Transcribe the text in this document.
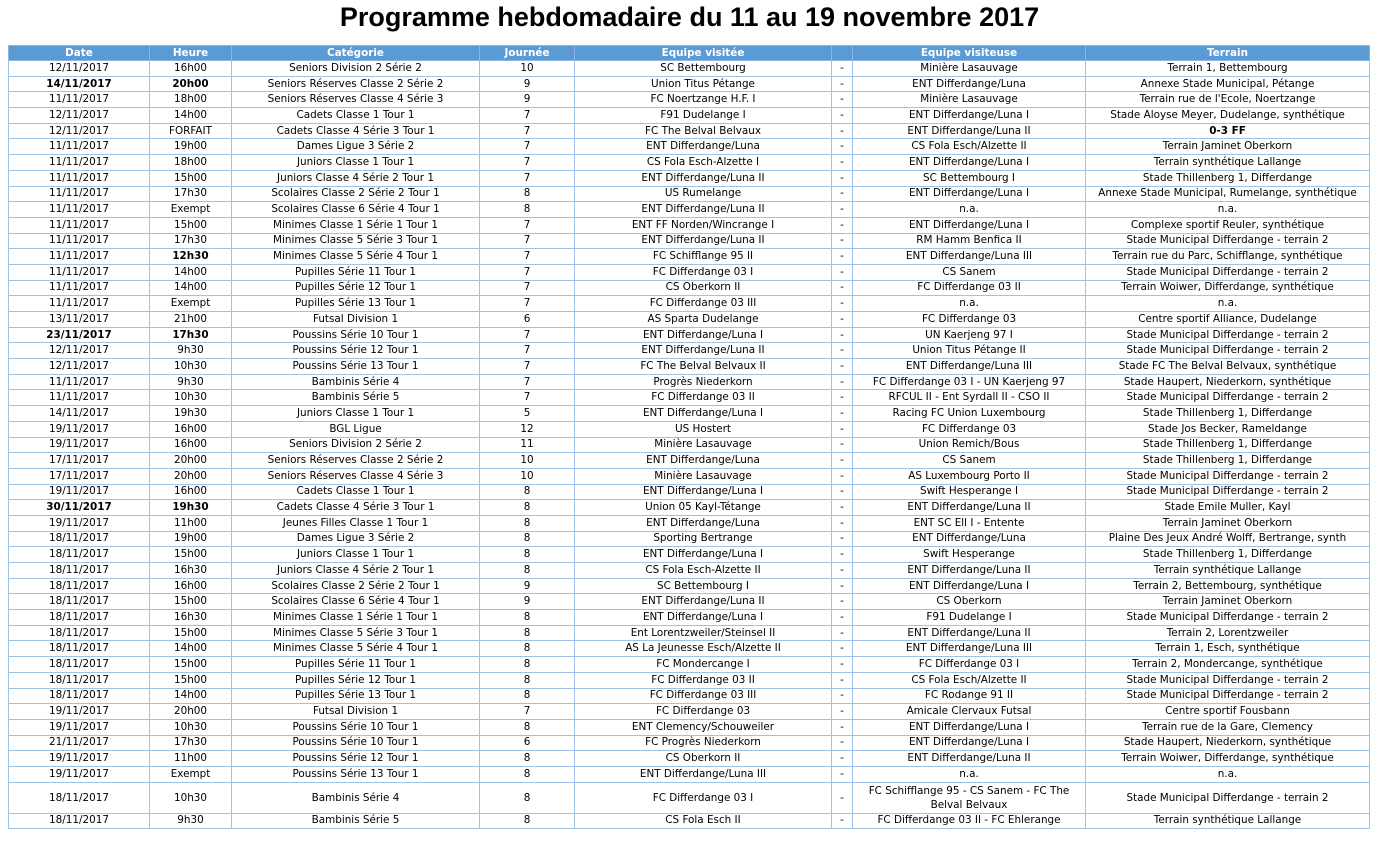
Programme hebdomadaire du 11 au 19 novembre 2017
Date	Heure	Catégorie	Journée	Equipe visitée		Equipe visiteuse	Terrain
12/11/2017	16h00	Seniors Division 2 Série 2	10	SC Bettembourg	-	Minière Lasauvage	Terrain 1, Bettembourg
14/11/2017	20h00	Seniors Réserves Classe 2 Série 2	9	Union Titus Pétange	-	ENT Differdange/Luna	Annexe Stade Municipal, Pétange
11/11/2017	18h00	Seniors Réserves Classe 4 Série 3	9	FC Noertzange H.F. I	-	Minière Lasauvage	Terrain rue de l'Ecole, Noertzange
12/11/2017	14h00	Cadets Classe 1 Tour 1	7	F91 Dudelange I	-	ENT Differdange/Luna I	Stade Aloyse Meyer, Dudelange, synthétique
12/11/2017	FORFAIT	Cadets Classe 4 Série 3 Tour 1	7	FC The Belval Belvaux	-	ENT Differdange/Luna II	0-3 FF
11/11/2017	19h00	Dames Ligue 3 Série 2	7	ENT Differdange/Luna	-	CS Fola Esch/Alzette II	Terrain Jaminet Oberkorn
11/11/2017	18h00	Juniors Classe 1 Tour 1	7	CS Fola Esch-Alzette I	-	ENT Differdange/Luna I	Terrain synthétique Lallange
11/11/2017	15h00	Juniors Classe 4 Série 2 Tour 1	7	ENT Differdange/Luna II	-	SC Bettembourg I	Stade Thillenberg 1, Differdange
11/11/2017	17h30	Scolaires Classe 2 Série 2 Tour 1	8	US Rumelange	-	ENT Differdange/Luna I	Annexe Stade Municipal, Rumelange, synthétique
11/11/2017	Exempt	Scolaires Classe 6 Série 4 Tour 1	8	ENT Differdange/Luna II	-	n.a.	n.a.
11/11/2017	15h00	Minimes Classe 1 Série 1 Tour 1	7	ENT FF Norden/Wincrange I	-	ENT Differdange/Luna I	Complexe sportif Reuler, synthétique
11/11/2017	17h30	Minimes Classe 5 Série 3 Tour 1	7	ENT Differdange/Luna II	-	RM Hamm Benfica II	Stade Municipal Differdange - terrain 2
11/11/2017	12h30	Minimes Classe 5 Série 4 Tour 1	7	FC Schifflange 95 II	-	ENT Differdange/Luna III	Terrain rue du Parc, Schifflange, synthétique
11/11/2017	14h00	Pupilles Série 11 Tour 1	7	FC Differdange 03 I	-	CS Sanem	Stade Municipal Differdange - terrain 2
11/11/2017	14h00	Pupilles Série 12 Tour 1	7	CS Oberkorn II	-	FC Differdange 03 II	Terrain Woiwer, Differdange, synthétique
11/11/2017	Exempt	Pupilles Série 13 Tour 1	7	FC Differdange 03 III	-	n.a.	n.a.
13/11/2017	21h00	Futsal Division 1	6	AS Sparta Dudelange	-	FC Differdange 03	Centre sportif Alliance, Dudelange
23/11/2017	17h30	Poussins Série 10 Tour 1	7	ENT Differdange/Luna I	-	UN Kaerjeng 97 I	Stade Municipal Differdange - terrain 2
12/11/2017	9h30	Poussins Série 12 Tour 1	7	ENT Differdange/Luna II	-	Union Titus Pétange II	Stade Municipal Differdange - terrain 2
12/11/2017	10h30	Poussins Série 13 Tour 1	7	FC The Belval Belvaux II	-	ENT Differdange/Luna III	Stade FC The Belval Belvaux, synthétique
11/11/2017	9h30	Bambinis Série 4	7	Progrès Niederkorn	-	FC Differdange 03 I - UN Kaerjeng 97	Stade Haupert, Niederkorn, synthétique
11/11/2017	10h30	Bambinis Série 5	7	FC Differdange 03 II	-	RFCUL II - Ent Syrdall II - CSO II	Stade Municipal Differdange - terrain 2
14/11/2017	19h30	Juniors Classe 1 Tour 1	5	ENT Differdange/Luna I	-	Racing FC Union Luxembourg	Stade Thillenberg 1, Differdange
19/11/2017	16h00	BGL Ligue	12	US Hostert	-	FC Differdange 03	Stade Jos Becker, Rameldange
19/11/2017	16h00	Seniors Division 2 Série 2	11	Minière Lasauvage	-	Union Remich/Bous	Stade Thillenberg 1, Differdange
17/11/2017	20h00	Seniors Réserves Classe 2 Série 2	10	ENT Differdange/Luna	-	CS Sanem	Stade Thillenberg 1, Differdange
17/11/2017	20h00	Seniors Réserves Classe 4 Série 3	10	Minière Lasauvage	-	AS Luxembourg Porto II	Stade Municipal Differdange - terrain 2
19/11/2017	16h00	Cadets Classe 1 Tour 1	8	ENT Differdange/Luna I	-	Swift Hesperange I	Stade Municipal Differdange - terrain 2
30/11/2017	19h30	Cadets Classe 4 Série 3 Tour 1	8	Union 05 Kayl-Tétange	-	ENT Differdange/Luna II	Stade Emile Muller, Kayl
19/11/2017	11h00	Jeunes Filles Classe 1 Tour 1	8	ENT Differdange/Luna	-	ENT SC Ell I - Entente	Terrain Jaminet Oberkorn
18/11/2017	19h00	Dames Ligue 3 Série 2	8	Sporting Bertrange	-	ENT Differdange/Luna	Plaine Des Jeux André Wolff, Bertrange, synth
18/11/2017	15h00	Juniors Classe 1 Tour 1	8	ENT Differdange/Luna I	-	Swift Hesperange	Stade Thillenberg 1, Differdange
18/11/2017	16h30	Juniors Classe 4 Série 2 Tour 1	8	CS Fola Esch-Alzette II	-	ENT Differdange/Luna II	Terrain synthétique Lallange
18/11/2017	16h00	Scolaires Classe 2 Série 2 Tour 1	9	SC Bettembourg I	-	ENT Differdange/Luna I	Terrain 2, Bettembourg, synthétique
18/11/2017	15h00	Scolaires Classe 6 Série 4 Tour 1	9	ENT Differdange/Luna II	-	CS Oberkorn	Terrain Jaminet Oberkorn
18/11/2017	16h30	Minimes Classe 1 Série 1 Tour 1	8	ENT Differdange/Luna I	-	F91 Dudelange I	Stade Municipal Differdange - terrain 2
18/11/2017	15h00	Minimes Classe 5 Série 3 Tour 1	8	Ent Lorentzweiler/Steinsel II	-	ENT Differdange/Luna II	Terrain 2, Lorentzweiler
18/11/2017	14h00	Minimes Classe 5 Série 4 Tour 1	8	AS La Jeunesse Esch/Alzette II	-	ENT Differdange/Luna III	Terrain 1, Esch, synthétique
18/11/2017	15h00	Pupilles Série 11 Tour 1	8	FC Mondercange I	-	FC Differdange 03 I	Terrain 2, Mondercange, synthétique
18/11/2017	15h00	Pupilles Série 12 Tour 1	8	FC Differdange 03 II	-	CS Fola Esch/Alzette II	Stade Municipal Differdange - terrain 2
18/11/2017	14h00	Pupilles Série 13 Tour 1	8	FC Differdange 03 III	-	FC Rodange 91 II	Stade Municipal Differdange - terrain 2
19/11/2017	20h00	Futsal Division 1	7	FC Differdange 03	-	Amicale Clervaux Futsal	Centre sportif Fousbann
19/11/2017	10h30	Poussins Série 10 Tour 1	8	ENT Clemency/Schouweiler	-	ENT Differdange/Luna I	Terrain rue de la Gare, Clemency
21/11/2017	17h30	Poussins Série 10 Tour 1	6	FC Progrès Niederkorn	-	ENT Differdange/Luna I	Stade Haupert, Niederkorn, synthétique
19/11/2017	11h00	Poussins Série 12 Tour 1	8	CS Oberkorn II	-	ENT Differdange/Luna II	Terrain Woiwer, Differdange, synthétique
19/11/2017	Exempt	Poussins Série 13 Tour 1	8	ENT Differdange/Luna III	-	n.a.	n.a.
18/11/2017	10h30	Bambinis Série 4	8	FC Differdange 03 I	-	FC Schifflange 95 - CS Sanem - FC The Belval Belvaux	Stade Municipal Differdange - terrain 2
18/11/2017	9h30	Bambinis Série 5	8	CS Fola Esch II	-	FC Differdange 03 II - FC Ehlerange	Terrain synthétique Lallange
